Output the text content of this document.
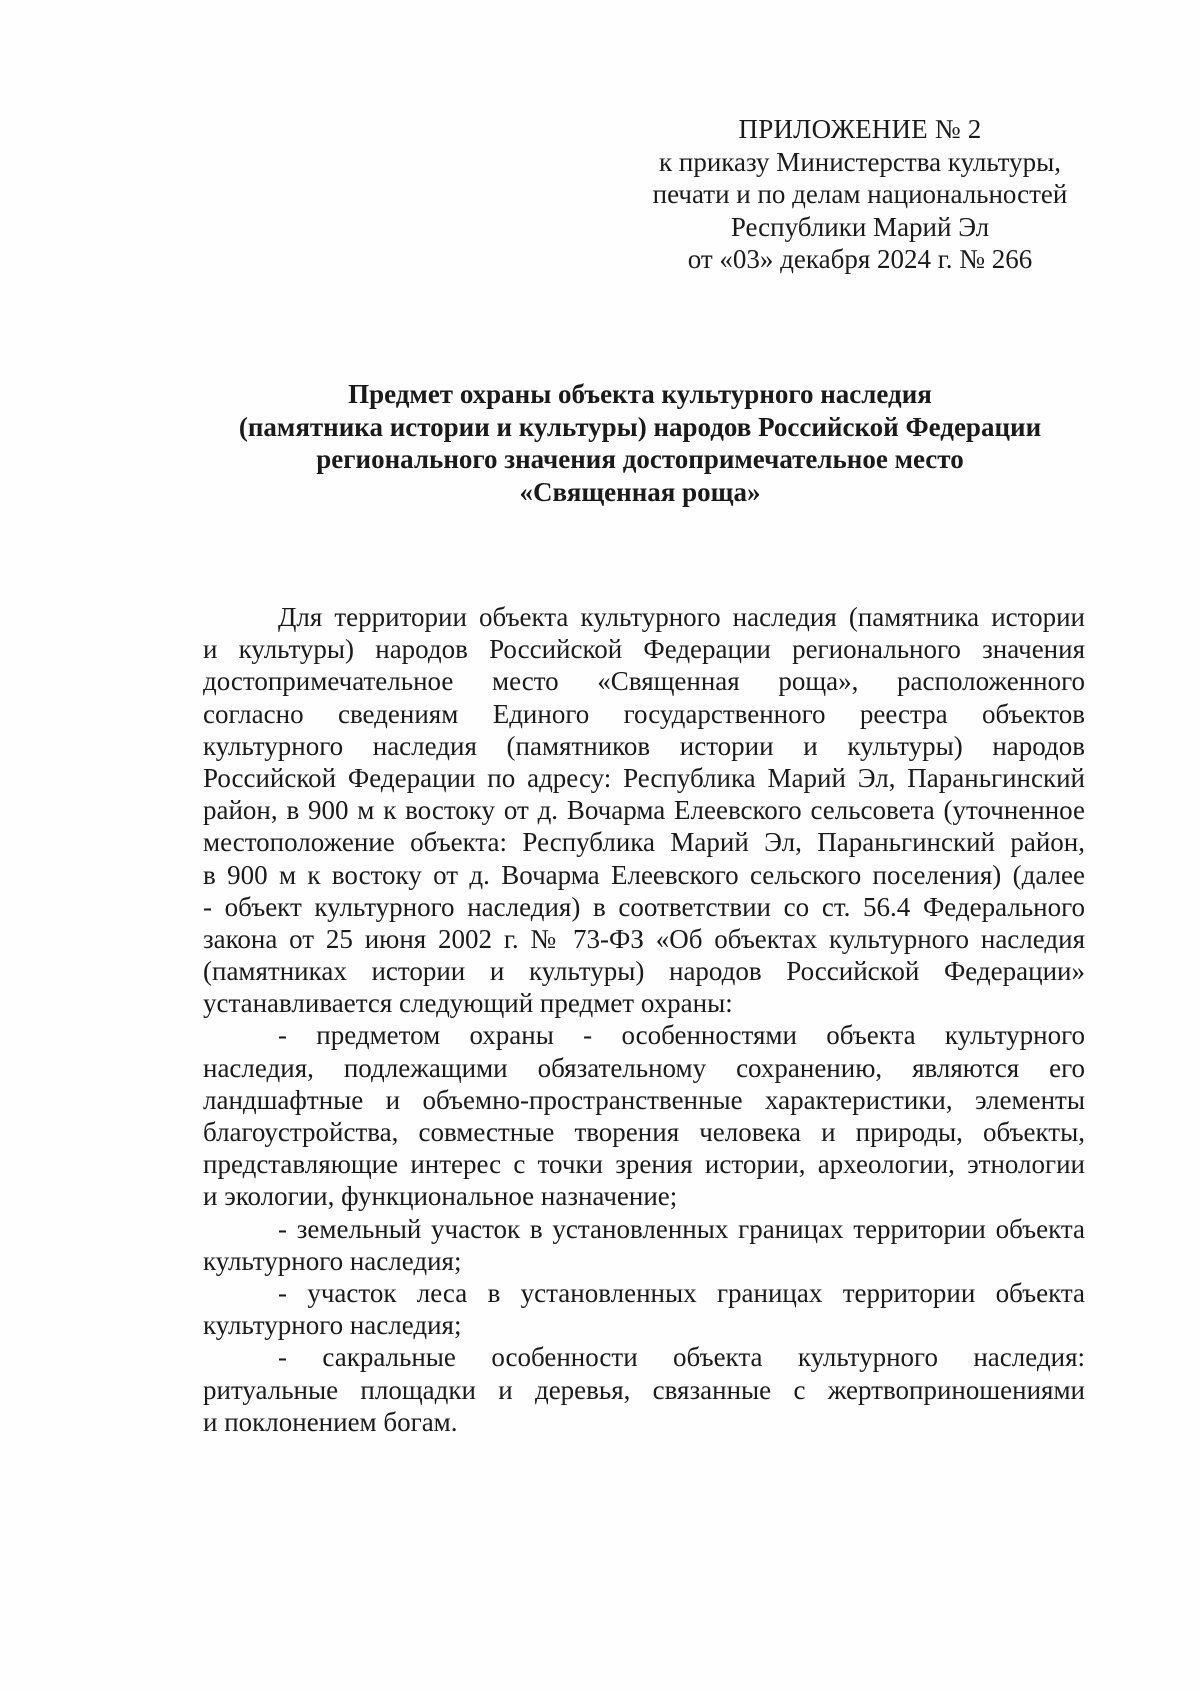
ПРИЛОЖЕНИЕ № 2
к приказу Министерства культуры,
печати и по делам национальностей
Республики Марий Эл
от «03» декабря 2024 г. № 266
Предмет охраны объекта культурного наследия
(памятника истории и культуры) народов Российской Федерации
регионального значения достопримечательное место
«Священная роща»
Для территории объекта культурного наследия (памятника истории
и культуры) народов Российской Федерации регионального значения
достопримечательное место «Священная роща», расположенного
согласно сведениям Единого государственного реестра объектов
культурного наследия (памятников истории и культуры) народов
Российской Федерации по адресу: Республика Марий Эл, Параньгинский
район, в 900 м к востоку от д. Вочарма Елеевского сельсовета (уточненное
местоположение объекта: Республика Марий Эл, Параньгинский район,
в 900 м к востоку от д. Вочарма Елеевского сельского поселения) (далее
- объект культурного наследия) в соответствии со ст. 56.4 Федерального
закона от 25 июня 2002 г. № 73-ФЗ «Об объектах культурного наследия
(памятниках истории и культуры) народов Российской Федерации»
устанавливается следующий предмет охраны:
- предметом охраны - особенностями объекта культурного
наследия, подлежащими обязательному сохранению, являются его
ландшафтные и объемно-пространственные характеристики, элементы
благоустройства, совместные творения человека и природы, объекты,
представляющие интерес с точки зрения истории, археологии, этнологии
и экологии, функциональное назначение;
- земельный участок в установленных границах территории объекта
культурного наследия;
- участок леса в установленных границах территории объекта
культурного наследия;
- сакральные особенности объекта культурного наследия:
ритуальные площадки и деревья, связанные с жертвоприношениями
и поклонением богам.
